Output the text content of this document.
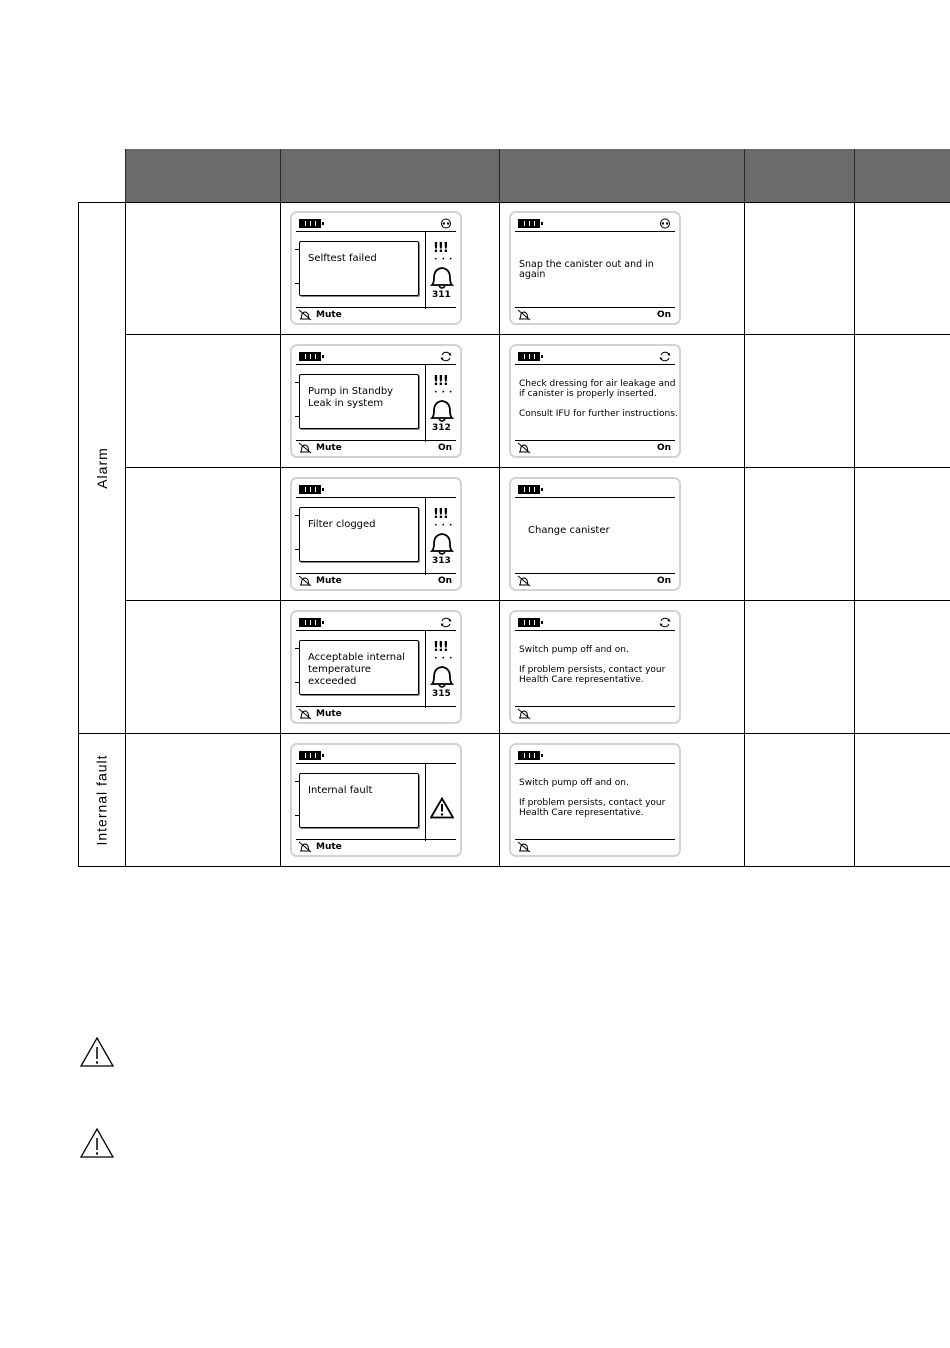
Alarm
Internal fault
Selftest failed
!!!
• • •
311
Mute
Snap the canister out and in again
On
Pump in Standby
Leak in system
!!!
• • •
312
Mute	On
Check dressing for air leakage and
if canister is properly inserted.

Consult IFU for further instructions.
On
Filter clogged
!!!
• • •
313
Mute	On
Change canister
On
Acceptable internal
temperature exceeded
!!!
• • •
315
Mute
Switch pump off and on.

If problem persists, contact your
Health Care representative.
Internal fault
Mute
Switch pump off and on.

If problem persists, contact your
Health Care representative.
